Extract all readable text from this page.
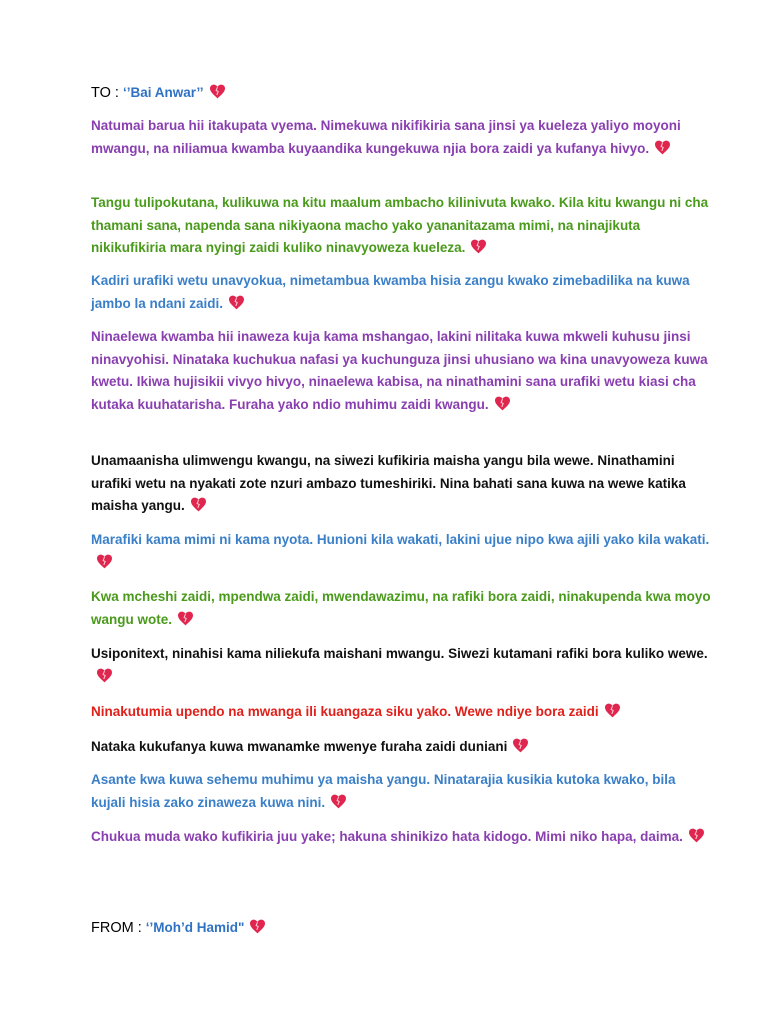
TO : ‘’Bai Anwar’’
Natumai barua hii itakupata vyema. Nimekuwa nikifikiria sana jinsi ya kueleza yaliyo moyoni mwangu, na niliamua kwamba kuyaandika kungekuwa njia bora zaidi ya kufanya hivyo.
Tangu tulipokutana, kulikuwa na kitu maalum ambacho kilinivuta kwako. Kila kitu kwangu ni cha thamani sana, napenda sana nikiyaona macho yako yananitazama mimi, na ninajikuta nikikufikiria mara nyingi zaidi kuliko ninavyoweza kueleza.
Kadiri urafiki wetu unavyokua, nimetambua kwamba hisia zangu kwako zimebadilika na kuwa jambo la ndani zaidi.
Ninaelewa kwamba hii inaweza kuja kama mshangao, lakini nilitaka kuwa mkweli kuhusu jinsi ninavyohisi. Ninataka kuchukua nafasi ya kuchunguza jinsi uhusiano wa kina unavyoweza kuwa kwetu. Ikiwa hujisikii vivyo hivyo, ninaelewa kabisa, na ninathamini sana urafiki wetu kiasi cha kutaka kuuhatarisha. Furaha yako ndio muhimu zaidi kwangu.
Unamaanisha ulimwengu kwangu, na siwezi kufikiria maisha yangu bila wewe. Ninathamini urafiki wetu na nyakati zote nzuri ambazo tumeshiriki. Nina bahati sana kuwa na wewe katika maisha yangu.
Marafiki kama mimi ni kama nyota. Hunioni kila wakati, lakini ujue nipo kwa ajili yako kila wakati.
Kwa mcheshi zaidi, mpendwa zaidi, mwendawazimu, na rafiki bora zaidi, ninakupenda kwa moyo wangu wote.
Usiponitext, ninahisi kama niliekufa maishani mwangu. Siwezi kutamani rafiki bora kuliko wewe.
Ninakutumia upendo na mwanga ili kuangaza siku yako. Wewe ndiye bora zaidi
Nataka kukufanya kuwa mwanamke mwenye furaha zaidi duniani
Asante kwa kuwa sehemu muhimu ya maisha yangu. Ninatarajia kusikia kutoka kwako, bila kujali hisia zako zinaweza kuwa nini.
Chukua muda wako kufikiria juu yake; hakuna shinikizo hata kidogo. Mimi niko hapa, daima.
FROM : ‘’Moh’d Hamid"
